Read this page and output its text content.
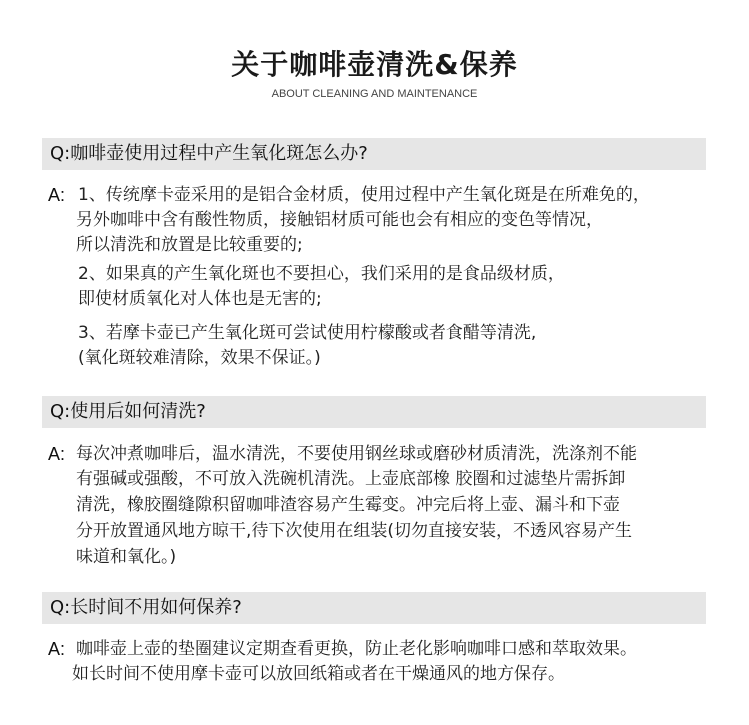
关于咖啡壶清洗&保养
ABOUT CLEANING AND MAINTENANCE
Q:咖啡壶使用过程中产生氧化斑怎么办?
A: 1、传统摩卡壶采用的是铝合金材质，使用过程中产生氧化斑是在所难免的，
另外咖啡中含有酸性物质，接触铝材质可能也会有相应的变色等情况，
所以清洗和放置是比较重要的;
2、如果真的产生氧化斑也不要担心，我们采用的是食品级材质，
即使材质氧化对人体也是无害的;
3、若摩卡壶已产生氧化斑可尝试使用柠檬酸或者食醋等清洗,
(氧化斑较难清除，效果不保证。)
Q:使用后如何清洗?
A: 每次冲煮咖啡后，温水清洗，不要使用钢丝球或磨砂材质清洗，洗涤剂不能
有强碱或强酸，不可放入洗碗机清洗。上壶底部橡 胶圈和过滤垫片需拆卸
清洗，橡胶圈缝隙积留咖啡渣容易产生霉变。冲完后将上壶、漏斗和下壶
分开放置通风地方晾干,待下次使用在组装(切勿直接安装，不透风容易产生
味道和氧化。)
Q:长时间不用如何保养?
A: 咖啡壶上壶的垫圈建议定期查看更换，防止老化影响咖啡口感和萃取效果。
如长时间不使用摩卡壶可以放回纸箱或者在干燥通风的地方保存。
